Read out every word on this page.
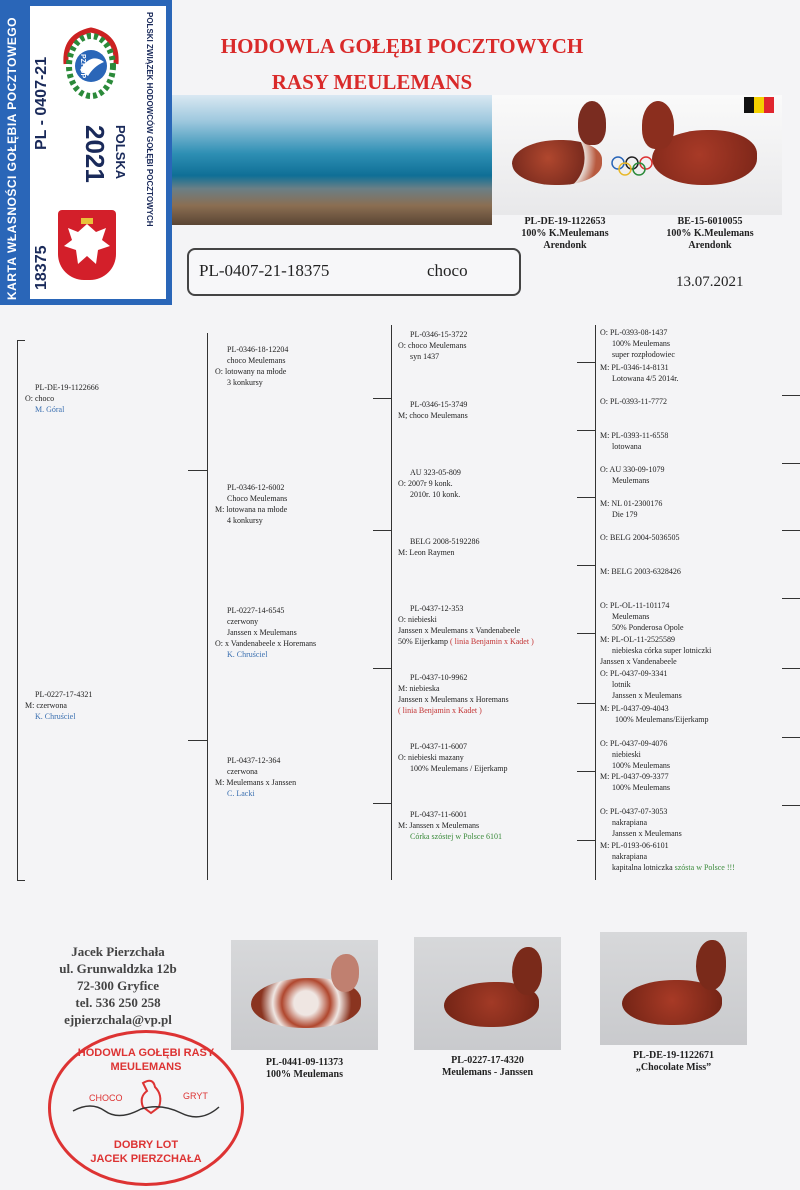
KARTA WŁASNOŚCI GOŁĘBIA POCZTOWEGO PL - 0407-21
18375
POLSKI ZWIĄZEK HODOWCÓW GOŁĘBI POCZTOWYCH
POLSKA
2021
PZHGP
HODOWLA GOŁĘBI POCZTOWYCH
RASY MEULEMANS
PL-DE-19-1122653
100% K.Meulemans
Arendonk
BE-15-6010055
100% K.Meulemans
Arendonk
PL-0407-21-18375	choco
13.07.2021
PL-DE-19-1122666
O: choco
M. Góral
PL-0227-17-4321
M: czerwona
K. Chruściel
PL-0346-18-12204
choco Meulemans
O: lotowany na młode
3 konkursy
PL-0346-12-6002
Choco Meulemans
M: lotowana na młode
4 konkursy
PL-0227-14-6545
czerwony
Janssen x Meulemans
O: x Vandenabeele x Horemans
K. Chruściel
PL-0437-12-364
czerwona
M: Meulemans x Janssen
C. Lacki
PL-0346-15-3722
O: choco Meulemans
syn 1437
PL-0346-15-3749
M; choco Meulemans
AU 323-05-809
O: 2007r 9 konk.
2010r. 10 konk.
BELG 2008-5192286
M: Leon Raymen
PL-0437-12-353
O: niebieski
Janssen x Meulemans x Vandenabeele
50% Eijerkamp ( linia Benjamin x Kadet )
PL-0437-10-9962
M: niebieska
Janssen x Meulemans x Horemans
( linia Benjamin x Kadet )
PL-0437-11-6007
O: niebieski mazany
100% Meulemans / Eijerkamp
PL-0437-11-6001
M: Janssen x Meulemans
Córka szóstej w Polsce 6101
O: PL-0393-08-1437
100% Meulemans
super rozpłodowiec
M: PL-0346-14-8131
Lotowana 4/5 2014r.
O: PL-0393-11-7772
M: PL-0393-11-6558
lotowana
O: AU 330-09-1079
Meulemans
M: NL 01-2300176
Die 179
O: BELG 2004-5036505
M: BELG 2003-6328426
O: PL-OL-11-101174
Meulemans
50% Ponderosa Opole
M: PL-OL-11-2525589
niebieska córka super lotniczki
Janssen x Vandenabeele
O: PL-0437-09-3341
lotnik
Janssen x Meulemans
M: PL-0437-09-4043
100% Meulemans/Eijerkamp
O: PL-0437-09-4076
niebieski
100% Meulemans
M: PL-0437-09-3377
100% Meulemans
O: PL-0437-07-3053
nakrapiana
Janssen x Meulemans
M: PL-0193-06-6101
nakrapiana
kapitalna lotniczka szósta w Polsce !!!
Jacek Pierzchała
ul. Grunwaldzka 12b
72-300 Gryfice
tel. 536 250 258
ejpierzchala@vp.pl
HODOWLA GOŁĘBI RASY
MEULEMANS
CHOCO	GRYT
DOBRY LOT
JACEK PIERZCHAŁA
PL-0441-09-11373
100% Meulemans
PL-0227-17-4320
Meulemans - Janssen
PL-DE-19-1122671
„Chocolate Miss”
